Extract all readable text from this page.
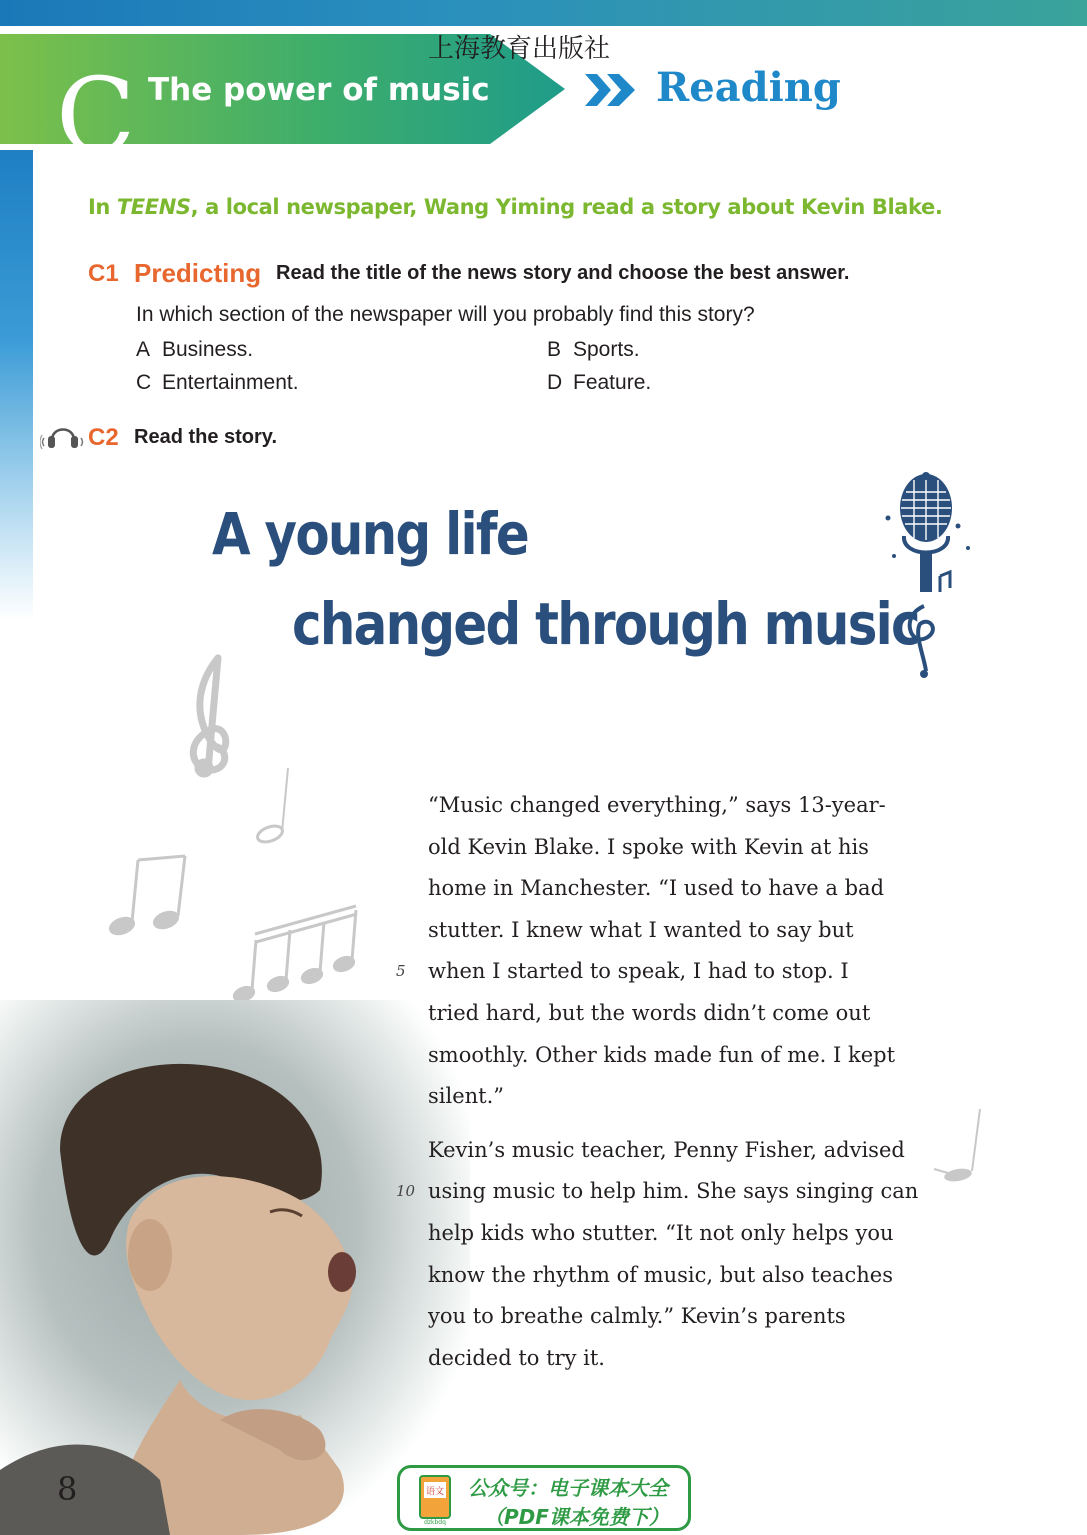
C The power of music
上海教育出版社
Reading
In TEENS, a local newspaper, Wang Yiming read a story about Kevin Blake.
C1 Predicting Read the title of the news story and choose the best answer.
In which section of the newspaper will you probably find this story?
A Business.	B Sports.
C Entertainment.	D Feature.
C2 Read the story.
A young life
changed through music

“Music changed everything,” says 13-year-
old Kevin Blake. I spoke with Kevin at his
home in Manchester. “I used to have a bad
stutter. I knew what I wanted to say but
5 when I started to speak, I had to stop. I
tried hard, but the words didn’t come out
smoothly. Other kids made fun of me. I kept
silent.”

Kevin’s music teacher, Penny Fisher, advised
10 using music to help him. She says singing can
help kids who stutter. “It not only helps you
know the rhythm of music, but also teaches
you to breathe calmly.” Kevin’s parents
decided to try it.

8	语文
dzkbdq
公众号：电子课本大全
（PDF课本免费下）
